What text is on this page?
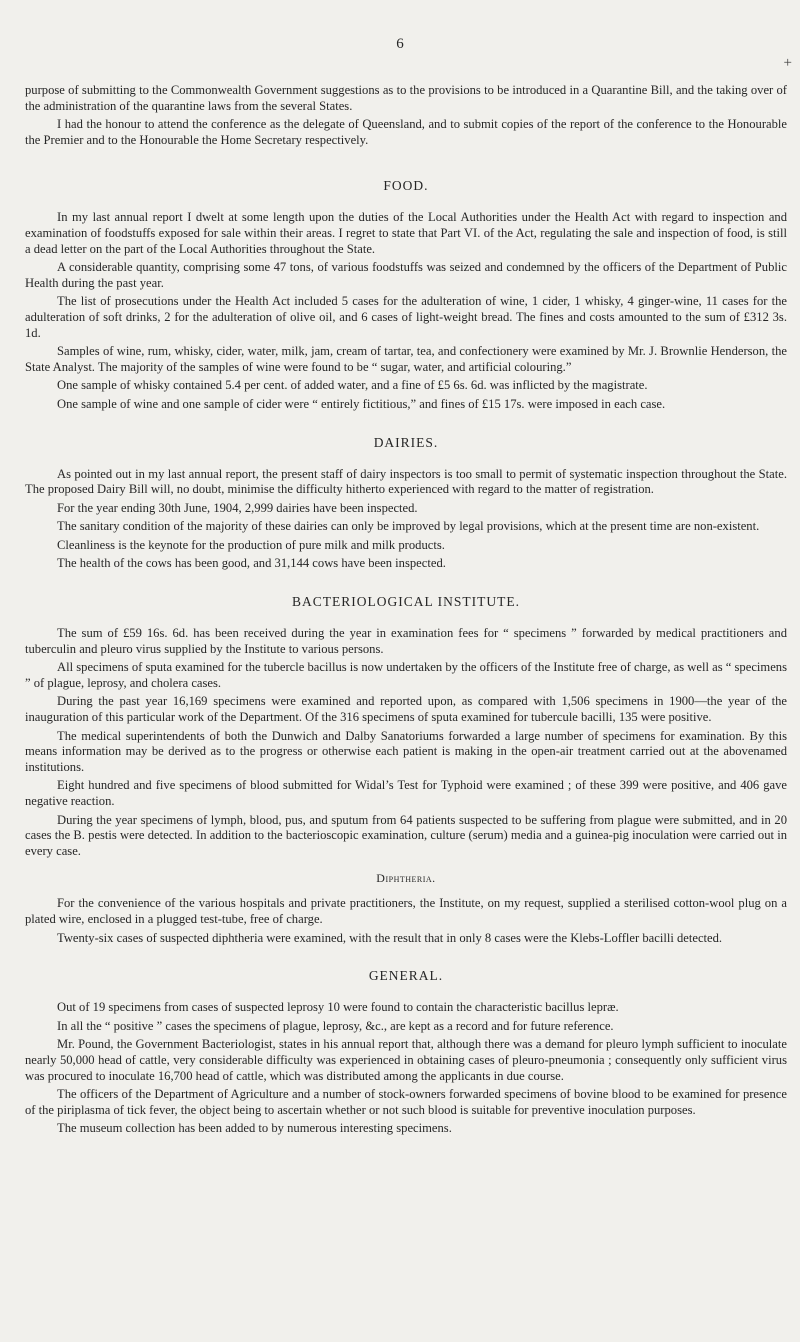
6
+

purpose of submitting to the Commonwealth Government suggestions as to the provisions to be introduced in a Quarantine Bill, and the taking over of the administration of the quarantine laws from the several States.

I had the honour to attend the conference as the delegate of Queensland, and to submit copies of the report of the conference to the Honourable the Premier and to the Honourable the Home Secretary respectively.

FOOD.

In my last annual report I dwelt at some length upon the duties of the Local Authorities under the Health Act with regard to inspection and examination of foodstuffs exposed for sale within their areas. I regret to state that Part VI. of the Act, regulating the sale and inspection of food, is still a dead letter on the part of the Local Authorities throughout the State.

A considerable quantity, comprising some 47 tons, of various foodstuffs was seized and condemned by the officers of the Department of Public Health during the past year.

The list of prosecutions under the Health Act included 5 cases for the adulteration of wine, 1 cider, 1 whisky, 4 ginger-wine, 11 cases for the adulteration of soft drinks, 2 for the adulteration of olive oil, and 6 cases of light-weight bread. The fines and costs amounted to the sum of £312 3s. 1d.

Samples of wine, rum, whisky, cider, water, milk, jam, cream of tartar, tea, and confectionery were examined by Mr. J. Brownlie Henderson, the State Analyst. The majority of the samples of wine were found to be “ sugar, water, and artificial colouring.”

One sample of whisky contained 5.4 per cent. of added water, and a fine of £5 6s. 6d. was inflicted by the magistrate.

One sample of wine and one sample of cider were “ entirely fictitious,” and fines of £15 17s. were imposed in each case.

DAIRIES.

As pointed out in my last annual report, the present staff of dairy inspectors is too small to permit of systematic inspection throughout the State. The proposed Dairy Bill will, no doubt, minimise the difficulty hitherto experienced with regard to the matter of registration.

For the year ending 30th June, 1904, 2,999 dairies have been inspected.

The sanitary condition of the majority of these dairies can only be improved by legal provisions, which at the present time are non-existent.

Cleanliness is the keynote for the production of pure milk and milk products.

The health of the cows has been good, and 31,144 cows have been inspected.

BACTERIOLOGICAL INSTITUTE.

The sum of £59 16s. 6d. has been received during the year in examination fees for “ specimens ” forwarded by medical practitioners and tuberculin and pleuro virus supplied by the Institute to various persons.

All specimens of sputa examined for the tubercle bacillus is now undertaken by the officers of the Institute free of charge, as well as “ specimens ” of plague, leprosy, and cholera cases.

During the past year 16,169 specimens were examined and reported upon, as compared with 1,506 specimens in 1900—the year of the inauguration of this particular work of the Department. Of the 316 specimens of sputa examined for tubercule bacilli, 135 were positive.

The medical superintendents of both the Dunwich and Dalby Sanatoriums forwarded a large number of specimens for examination. By this means information may be derived as to the progress or otherwise each patient is making in the open-air treatment carried out at the abovenamed institutions.

Eight hundred and five specimens of blood submitted for Widal’s Test for Typhoid were examined ; of these 399 were positive, and 406 gave negative reaction.

During the year specimens of lymph, blood, pus, and sputum from 64 patients suspected to be suffering from plague were submitted, and in 20 cases the B. pestis were detected. In addition to the bacterioscopic examination, culture (serum) media and a guinea-pig inoculation were carried out in every case.

Diphtheria.

For the convenience of the various hospitals and private practitioners, the Institute, on my request, supplied a sterilised cotton-wool plug on a plated wire, enclosed in a plugged test-tube, free of charge.

Twenty-six cases of suspected diphtheria were examined, with the result that in only 8 cases were the Klebs-Loffler bacilli detected.

GENERAL.

Out of 19 specimens from cases of suspected leprosy 10 were found to contain the characteristic bacillus lepræ.

In all the “ positive ” cases the specimens of plague, leprosy, &c., are kept as a record and for future reference.

Mr. Pound, the Government Bacteriologist, states in his annual report that, although there was a demand for pleuro lymph sufficient to inoculate nearly 50,000 head of cattle, very considerable difficulty was experienced in obtaining cases of pleuro-pneumonia ; consequently only sufficient virus was procured to inoculate 16,700 head of cattle, which was distributed among the applicants in due course.

The officers of the Department of Agriculture and a number of stock-owners forwarded specimens of bovine blood to be examined for presence of the piriplasma of tick fever, the object being to ascertain whether or not such blood is suitable for preventive inoculation purposes.

The museum collection has been added to by numerous interesting specimens.
